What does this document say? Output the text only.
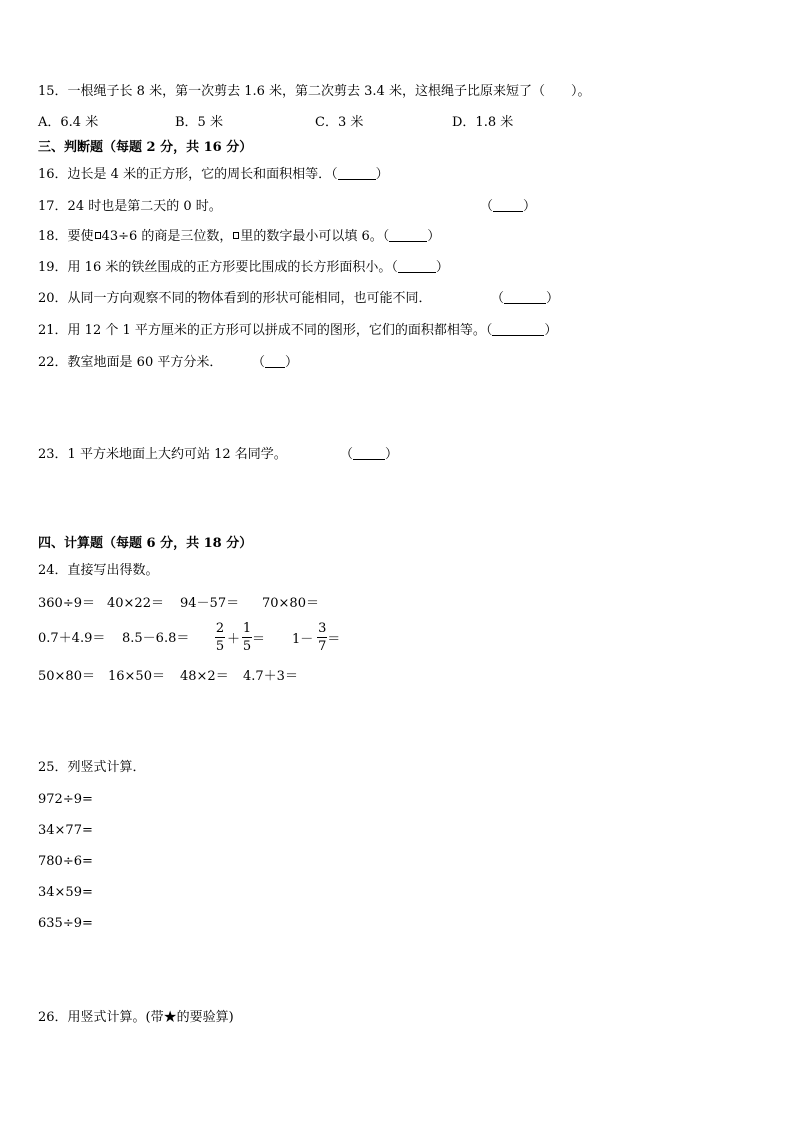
15．一根绳子长 8 米，第一次剪去 1.6 米，第二次剪去 3.4 米，这根绳子比原来短了（　　）。
A．6.4 米	B．5 米	C．3 米	D．1.8 米
三、判断题（每题 2 分，共 16 分）
16．边长是 4 米的正方形，它的周长和面积相等．（	）
17．24 时也是第二天的 0 时。	（ ）
18．要使 43÷6 的商是三位数， 里的数字最小可以填 6。（	）
19．用 16 米的铁丝围成的正方形要比围成的长方形面积小。（	）
20．从同一方向观察不同的物体看到的形状可能相同，也可能不同．	（	）
21．用 12 个 1 平方厘米的正方形可以拼成不同的图形，它们的面积都相等。（	）
22．教室地面是 60 平方分米． （ ）
23．1 平方米地面上大约可站 12 名同学。	（ ）
四、计算题（每题 6 分，共 18 分）
24．直接写出得数。
360÷9＝ 40×22＝ 94－57＝ 70×80＝
$0.7+4.9= 8.5-6.8= \frac{2}{5} + \frac{1}{5} = 1- \frac{3}{7}$ ＝
50×80＝ 16×50＝ 48×2＝ 4.7＋3＝
25．列竖式计算．
972÷9=
34×77=
780÷6=
34×59=
635÷9=
26．用竖式计算。(带★的要验算)
